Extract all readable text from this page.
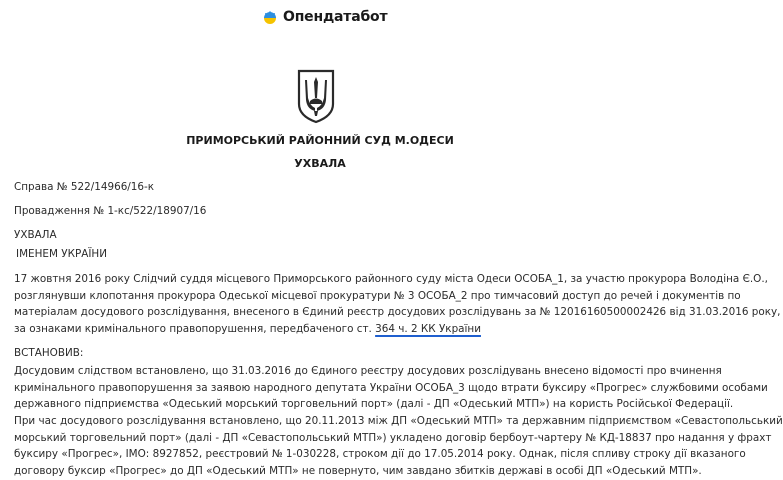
Опендатабот
ПРИМОРСЬКИЙ РАЙОННИЙ СУД М.ОДЕСИ
УХВАЛА
Справа № 522/14966/16-к
Провадження № 1-кс/522/18907/16
УХВАЛА
ІМЕНЕМ УКРАЇНИ
17 жовтня 2016 року Слідчий суддя місцевого Приморського районного суду міста Одеси ОСОБА_1, за участю прокурора Володіна Є.О.,
розглянувши клопотання прокурора Одеської місцевої прокуратури № 3 ОСОБА_2 про тимчасовий доступ до речей і документів по
матеріалам досудового розслідування, внесеного в Єдиний реєстр досудових розслідувань за № 12016160500002426 від 31.03.2016 року,
за ознаками кримінального правопорушення, передбаченого ст. 364 ч. 2 КК України
ВСТАНОВИВ:
Досудовим слідством встановлено, що 31.03.2016 до Єдиного реєстру досудових розслідувань внесено відомості про вчинення
кримінального правопорушення за заявою народного депутата України ОСОБА_3 щодо втрати буксиру «Прогрес» службовими особами
державного підприємства «Одеський морський торговельний порт» (далі - ДП «Одеський МТП») на користь Російської Федерації.
При час досудового розслідування встановлено, що 20.11.2013 між ДП «Одеський МТП» та державним підприємством «Севастопольський
морський торговельний порт» (далі - ДП «Севастопольський МТП») укладено договір бербоут-чартеру № КД-18837 про надання у фрахт
буксиру «Прогрес», ІМО: 8927852, реєстровий № 1-030228, строком дії до 17.05.2014 року. Однак, після спливу строку дії вказаного
договору буксир «Прогрес» до ДП «Одеський МТП» не повернуто, чим завдано збитків державі в особі ДП «Одеський МТП».
